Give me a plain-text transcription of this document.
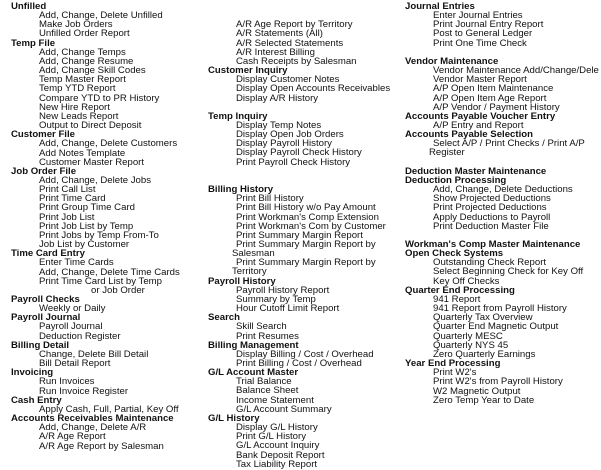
Unfilled
Add, Change, Delete Unfilled
Make Job Orders
Unfilled Order Report
Temp File
Add, Change Temps
Add, Change Resume
Add, Change Skill Codes
Temp Master Report
Temp YTD Report
Compare YTD to PR History
New Hire Report
New Leads Report
Output to Direct Deposit
Customer File
Add, Change, Delete Customers
Add Notes Template
Customer Master Report
Job Order File
Add, Change, Delete Jobs
Print Call List
Print Time Card
Print Group Time Card
Print Job List
Print Job List by Temp
Print Jobs by Temp From-To
Job List by Customer
Time Card Entry
Enter Time Cards
Add, Change, Delete Time Cards
Print Time Card List by Temp
or Job Order
Payroll Checks
Weekly or Daily
Payroll Journal
Payroll Journal
Deduction Register
Billing Detail
Change, Delete Bill Detail
Bill Detail Report
Invoicing
Run Invoices
Run Invoice Register
Cash Entry
Apply Cash, Full, Partial, Key Off
Accounts Receivables Maintenance
Add, Change, Delete A/R
A/R Age Report
A/R Age Report by Salesman
A/R Age Report by Territory
A/R Statements (All)
A/R Selected Statements
A/R Interest Billing
Cash Receipts by Salesman
Customer Inquiry
Display Customer Notes
Display Open Accounts Receivables
Display A/R History
Temp Inquiry
Display Temp Notes
Display Open Job Orders
Display Payroll History
Display Payroll Check History
Print Payroll Check History
Billing History
Print Bill History
Print Bill History w/o Pay Amount
Print Workman's Comp Extension
Print Workman's Com by Customer
Print Summary Margin Report
Print Summary Margin Report by
Salesman
Print Summary Margin Report by
Territory
Payroll History
Payroll History Report
Summary by Temp
Hour Cutoff Limit Report
Search
Skill Search
Print Resumes
Billing Management
Display Billing / Cost / Overhead
Print Billing / Cost / Overhead
G/L Account Master
Trial Balance
Balance Sheet
Income Statement
G/L Account Summary
G/L History
Display G/L History
Print G/L History
G/L Account Inquiry
Bank Deposit Report
Tax Liability Report
Journal Entries
Enter Journal Entries
Print Journal Entry Report
Post to General Ledger
Print One Time Check
Vendor Maintenance
Vendor Maintenance Add/Change/Dele
Vendor Master Report
A/P Open Item Maintenance
A/P Open Item Age Report
A/P Vendor / Payment History
Accounts Payable Voucher Entry
A/P Entry and Report
Accounts Payable Selection
Select A/P / Print Checks / Print A/P
Register
Deduction Master Maintenance
Deduction Processing
Add, Change, Delete Deductions
Show Projected Deductions
Print Projected Deductions
Apply Deductions to Payroll
Print Deduction Master File
Workman's Comp Master Maintenance
Open Check Systems
Outstanding Check Report
Select Beginning Check for Key Off
Key Off Checks
Quarter End Processing
941 Report
941 Report from Payroll History
Quarterly Tax Overview
Quarter End Magnetic Output
Quarterly MESC
Quarterly NYS 45
Zero Quarterly Earnings
Year End Processing
Print W2's
Print W2's from Payroll History
W2 Magnetic Output
Zero Temp Year to Date
